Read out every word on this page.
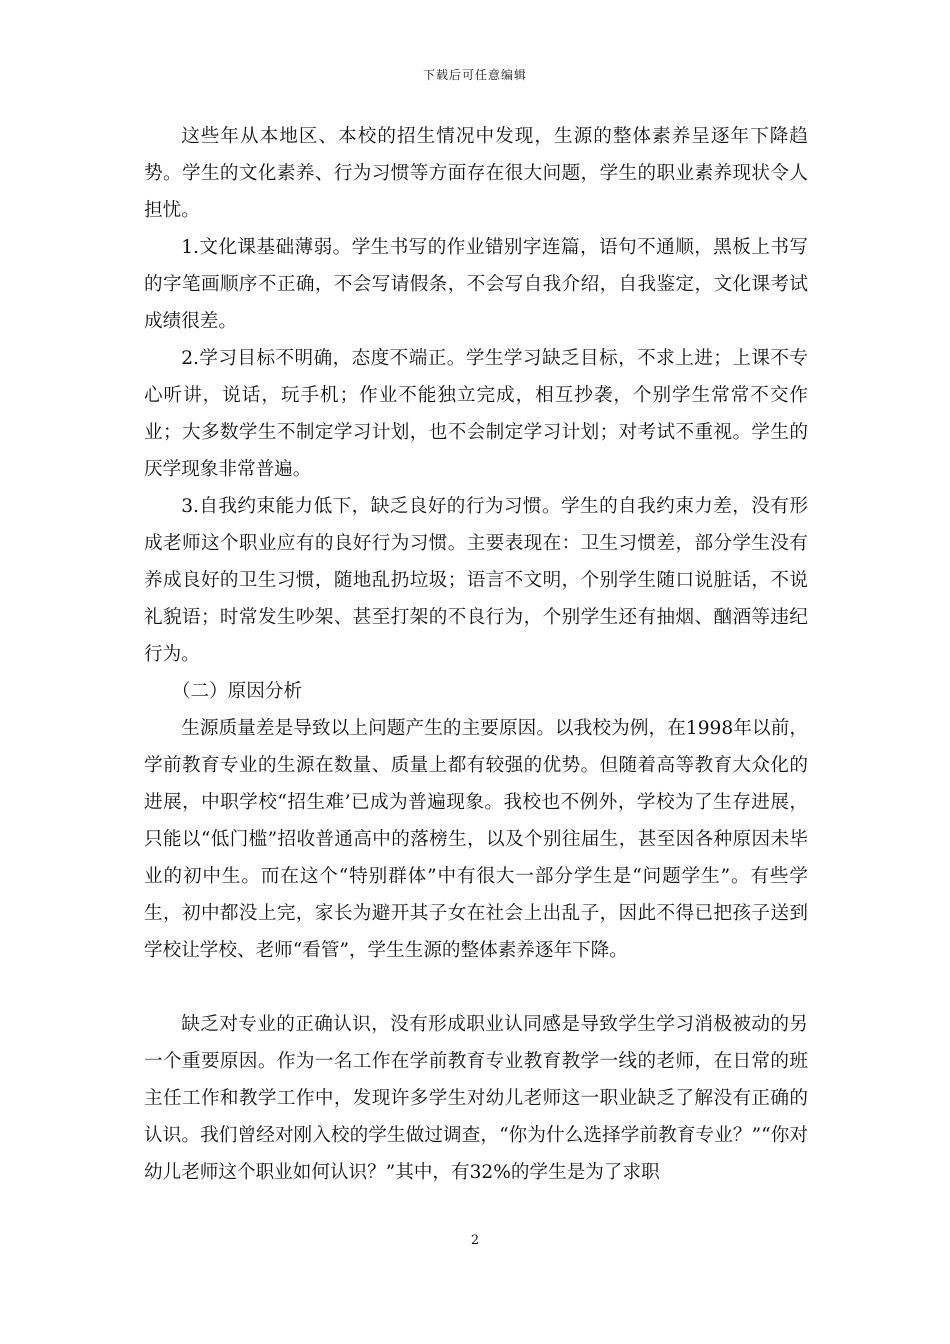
下载后可任意编辑

这些年从本地区、本校的招生情况中发现，生源的整体素养呈逐年下降趋势。学生的文化素养、行为习惯等方面存在很大问题，学生的职业素养现状令人担忧。

1.文化课基础薄弱。学生书写的作业错别字连篇，语句不通顺，黑板上书写的字笔画顺序不正确，不会写请假条，不会写自我介绍，自我鉴定，文化课考试成绩很差。

2.学习目标不明确，态度不端正。学生学习缺乏目标，不求上进；上课不专心听讲，说话，玩手机；作业不能独立完成，相互抄袭，个别学生常常不交作业；大多数学生不制定学习计划，也不会制定学习计划；对考试不重视。学生的厌学现象非常普遍。

3.自我约束能力低下，缺乏良好的行为习惯。学生的自我约束力差，没有形成老师这个职业应有的良好行为习惯。主要表现在：卫生习惯差，部分学生没有养成良好的卫生习惯，随地乱扔垃圾；语言不文明，个别学生随口说脏话，不说礼貌语；时常发生吵架、甚至打架的不良行为，个别学生还有抽烟、酗酒等违纪行为。

（二）原因分析

生源质量差是导致以上问题产生的主要原因。以我校为例，在1998年以前，学前教育专业的生源在数量、质量上都有较强的优势。但随着高等教育大众化的进展，中职学校“招生难’已成为普遍现象。我校也不例外，学校为了生存进展，只能以“低门槛”招收普通高中的落榜生，以及个别往届生，甚至因各种原因未毕业的初中生。而在这个“特别群体”中有很大一部分学生是“问题学生”。有些学生，初中都没上完，家长为避开其子女在社会上出乱子，因此不得已把孩子送到学校让学校、老师“看管”，学生生源的整体素养逐年下降。

缺乏对专业的正确认识，没有形成职业认同感是导致学生学习消极被动的另一个重要原因。作为一名工作在学前教育专业教育教学一线的老师，在日常的班主任工作和教学工作中，发现许多学生对幼儿老师这一职业缺乏了解没有正确的认识。我们曾经对刚入校的学生做过调查，“你为什么选择学前教育专业？”“你对幼儿老师这个职业如何认识？”其中，有32%的学生是为了求职

2
